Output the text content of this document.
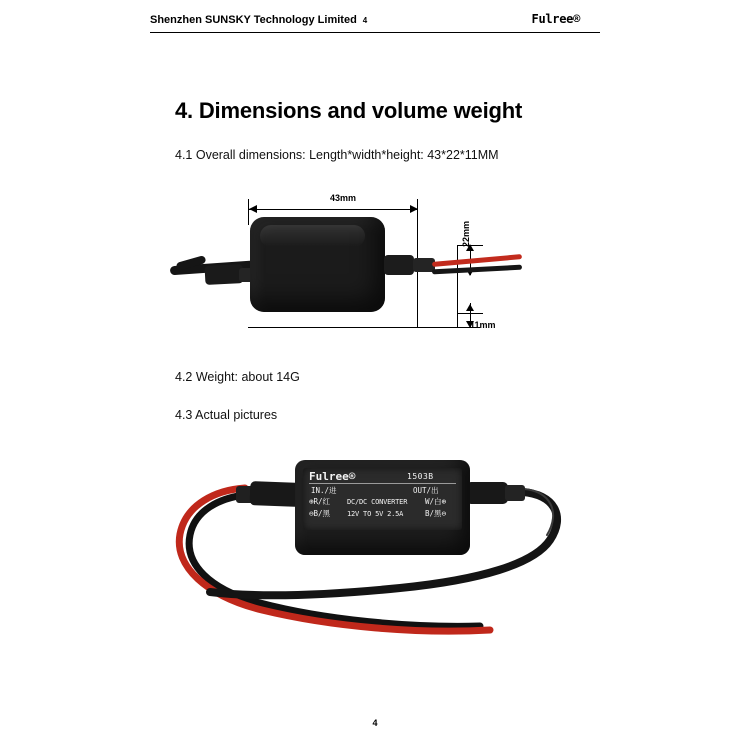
Shenzhen SUNSKY Technology Limited 4	Fulree®
4. Dimensions and volume weight
4.1 Overall dimensions: Length*width*height: 43*22*11MM
43mm
22mm
11mm
4.2 Weight: about 14G
4.3 Actual pictures
Fulree®	1503B
IN./进	OUT/出
⊕R/红 DC/DC CONVERTER W/白⊕
⊖B/黑 12V TO 5V 2.5A	B/黑⊖
4
